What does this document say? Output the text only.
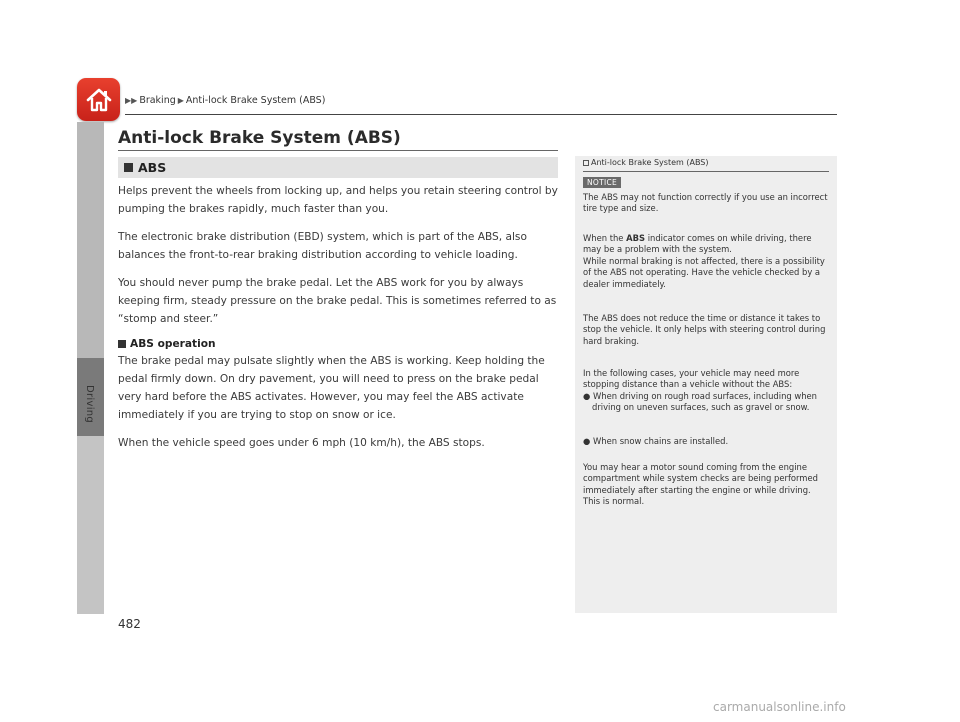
▶▶ Braking ▶ Anti-lock Brake System (ABS)
Driving
Anti-lock Brake System (ABS)
ABS

Helps prevent the wheels from locking up, and helps you retain steering control by pumping the brakes rapidly, much faster than you.

The electronic brake distribution (EBD) system, which is part of the ABS, also balances the front-to-rear braking distribution according to vehicle loading.

You should never pump the brake pedal. Let the ABS work for you by always keeping firm, steady pressure on the brake pedal. This is sometimes referred to as “stomp and steer.”

ABS operation

The brake pedal may pulsate slightly when the ABS is working. Keep holding the pedal firmly down. On dry pavement, you will need to press on the brake pedal very hard before the ABS activates. However, you may feel the ABS activate immediately if you are trying to stop on snow or ice.

When the vehicle speed goes under 6 mph (10 km/h), the ABS stops.

Anti-lock Brake System (ABS)
NOTICE

The ABS may not function correctly if you use an incorrect tire type and size.

When the ABS indicator comes on while driving, there may be a problem with the system.

While normal braking is not affected, there is a possibility of the ABS not operating. Have the vehicle checked by a dealer immediately.

The ABS does not reduce the time or distance it takes to stop the vehicle. It only helps with steering control during hard braking.

In the following cases, your vehicle may need more stopping distance than a vehicle without the ABS:

● When driving on rough road surfaces, including when driving on uneven surfaces, such as gravel or snow.

● When snow chains are installed.

You may hear a motor sound coming from the engine compartment while system checks are being performed immediately after starting the engine or while driving. This is normal.

482
carmanualsonline.info
